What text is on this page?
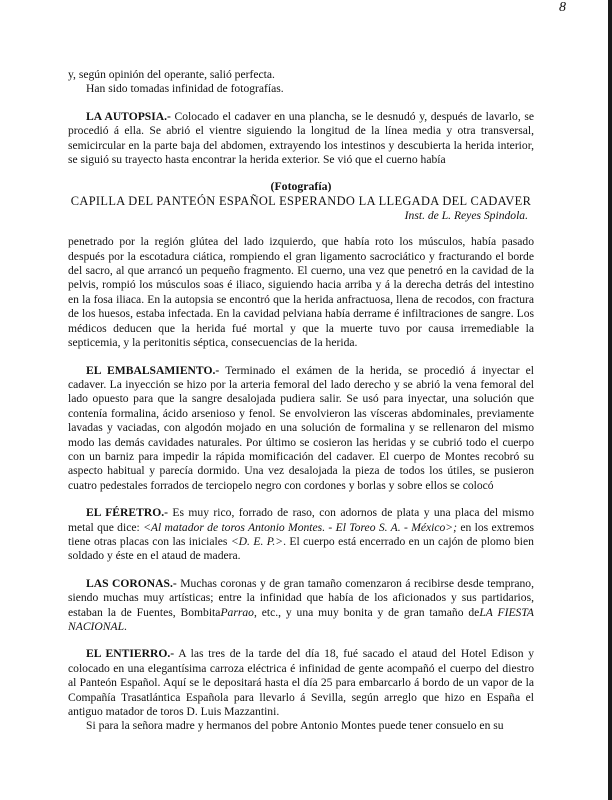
8

y, según opinión del operante, salió perfecta.

Han sido tomadas infinidad de fotografías.

LA AUTOPSIA.- Colocado el cadaver en una plancha, se le desnudó y, después de lavarlo, se procedió á ella. Se abrió el vientre siguiendo la longitud de la línea media y otra transversal, semicircular en la parte baja del abdomen, extrayendo los intestinos y descubierta la herida interior, se siguió su trayecto hasta encontrar la herida exterior. Se vió que el cuerno había

(Fotografía)
CAPILLA DEL PANTEÓN ESPAÑOL ESPERANDO LA LLEGADA DEL CADAVER
Inst. de L. Reyes Spindola.

penetrado por la región glútea del lado izquierdo, que había roto los músculos, había pasado después por la escotadura ciática, rompiendo el gran ligamento sacrociático y fracturando el borde del sacro, al que arrancó un pequeño fragmento. El cuerno, una vez que penetró en la cavidad de la pelvis, rompió los músculos soas é iliaco, siguiendo hacia arriba y á la derecha detrás del intestino en la fosa iliaca. En la autopsia se encontró que la herida anfractuosa, llena de recodos, con fractura de los huesos, estaba infectada. En la cavidad pelviana había derrame é infiltraciones de sangre. Los médicos deducen que la herida fué mortal y que la muerte tuvo por causa irremediable la septicemia, y la peritonitis séptica, consecuencias de la herida.

EL EMBALSAMIENTO.- Terminado el exámen de la herida, se procedió á inyectar el cadaver. La inyección se hizo por la arteria femoral del lado derecho y se abrió la vena femoral del lado opuesto para que la sangre desalojada pudiera salir. Se usó para inyectar, una solución que contenía formalina, ácido arsenioso y fenol. Se envolvieron las vísceras abdominales, previamente lavadas y vaciadas, con algodón mojado en una solución de formalina y se rellenaron del mismo modo las demás cavidades naturales. Por último se cosieron las heridas y se cubrió todo el cuerpo con un barniz para impedir la rápida momificación del cadaver. El cuerpo de Montes recobró su aspecto habitual y parecía dormido. Una vez desalojada la pieza de todos los útiles, se pusieron cuatro pedestales forrados de terciopelo negro con cordones y borlas y sobre ellos se colocó

EL FÉRETRO.- Es muy rico, forrado de raso, con adornos de plata y una placa del mismo metal que dice: <Al matador de toros Antonio Montes. - El Toreo S. A. - México>; en los extremos tiene otras placas con las iniciales <D. E. P.>. El cuerpo está encerrado en un cajón de plomo bien soldado y éste en el ataud de madera.

LAS CORONAS.- Muchas coronas y de gran tamaño comenzaron á recibirse desde temprano, siendo muchas muy artísticas; entre la infinidad que había de los aficionados y sus partidarios, estaban la de Fuentes, BombitaParrao, etc., y una muy bonita y de gran tamaño deLA FIESTA NACIONAL.

EL ENTIERRO.- A las tres de la tarde del día 18, fué sacado el ataud del Hotel Edison y colocado en una elegantísima carroza eléctrica é infinidad de gente acompañó el cuerpo del diestro al Panteón Español. Aquí se le depositará hasta el día 25 para embarcarlo á bordo de un vapor de la Compañía Trasatlántica Española para llevarlo á Sevilla, según arreglo que hizo en España el antiguo matador de toros D. Luis Mazzantini.

Si para la señora madre y hermanos del pobre Antonio Montes puede tener consuelo en su
